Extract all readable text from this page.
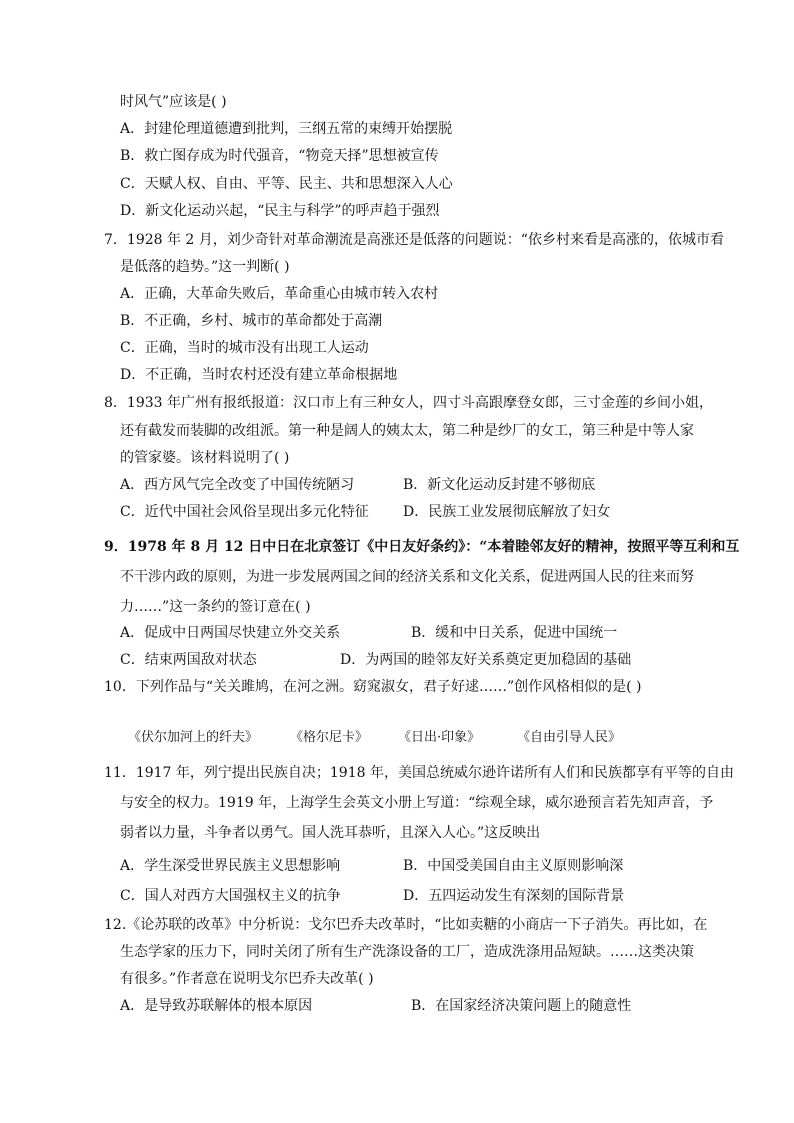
时风气”应该是( )
A．封建伦理道德遭到批判，三纲五常的束缚开始摆脱
B．救亡图存成为时代强音，“物竞天择”思想被宣传
C．天赋人权、自由、平等、民主、共和思想深入人心
D．新文化运动兴起，“民主与科学”的呼声趋于强烈
7．1928 年 2 月，刘少奇针对革命潮流是高涨还是低落的问题说：“依乡村来看是高涨的，依城市看
是低落的趋势。”这一判断( )
A．正确，大革命失败后，革命重心由城市转入农村
B．不正确，乡村、城市的革命都处于高潮
C．正确，当时的城市没有出现工人运动
D．不正确，当时农村还没有建立革命根据地
8．1933 年广州有报纸报道：汉口市上有三种女人，四寸斗高跟摩登女郎，三寸金莲的乡间小姐，
还有截发而装脚的改组派。第一种是阔人的姨太太，第二种是纱厂的女工，第三种是中等人家
的管家婆。该材料说明了( )
A．西方风气完全改变了中国传统陋习	B．新文化运动反封建不够彻底
C．近代中国社会风俗呈现出多元化特征 D．民族工业发展彻底解放了妇女
9．1978 年 8 月 12 日中日在北京签订《中日友好条约》：“本着睦邻友好的精神，按照平等互利和互
不干涉内政的原则，为进一步发展两国之间的经济关系和文化关系，促进两国人民的往来而努
力……”这一条约的签订意在( )
A．促成中日两国尽快建立外交关系	B．缓和中日关系，促进中国统一
C．结束两国敌对状态	D．为两国的睦邻友好关系奠定更加稳固的基础
10．下列作品与“关关雎鸠，在河之洲。窈窕淑女，君子好逑……”创作风格相似的是( )
《伏尔加河上的纤夫》 《格尔尼卡》 《日出·印象》	《自由引导人民》
11．1917 年，列宁提出民族自决；1918 年，美国总统威尔逊许诺所有人们和民族都享有平等的自由
与安全的权力。1919 年，上海学生会英文小册上写道：“综观全球，威尔逊预言若先知声音，予
弱者以力量，斗争者以勇气。国人洗耳恭听，且深入人心。”这反映出
A．学生深受世界民族主义思想影响	B．中国受美国自由主义原则影响深
C．国人对西方大国强权主义的抗争	D．五四运动发生有深刻的国际背景
12.《论苏联的改革》中分析说：戈尔巴乔夫改革时，“比如卖糖的小商店一下子消失。再比如，在
生态学家的压力下，同时关闭了所有生产洗涤设备的工厂，造成洗涤用品短缺。……这类决策
有很多。”作者意在说明戈尔巴乔夫改革( )
A．是导致苏联解体的根本原因	B．在国家经济决策问题上的随意性
